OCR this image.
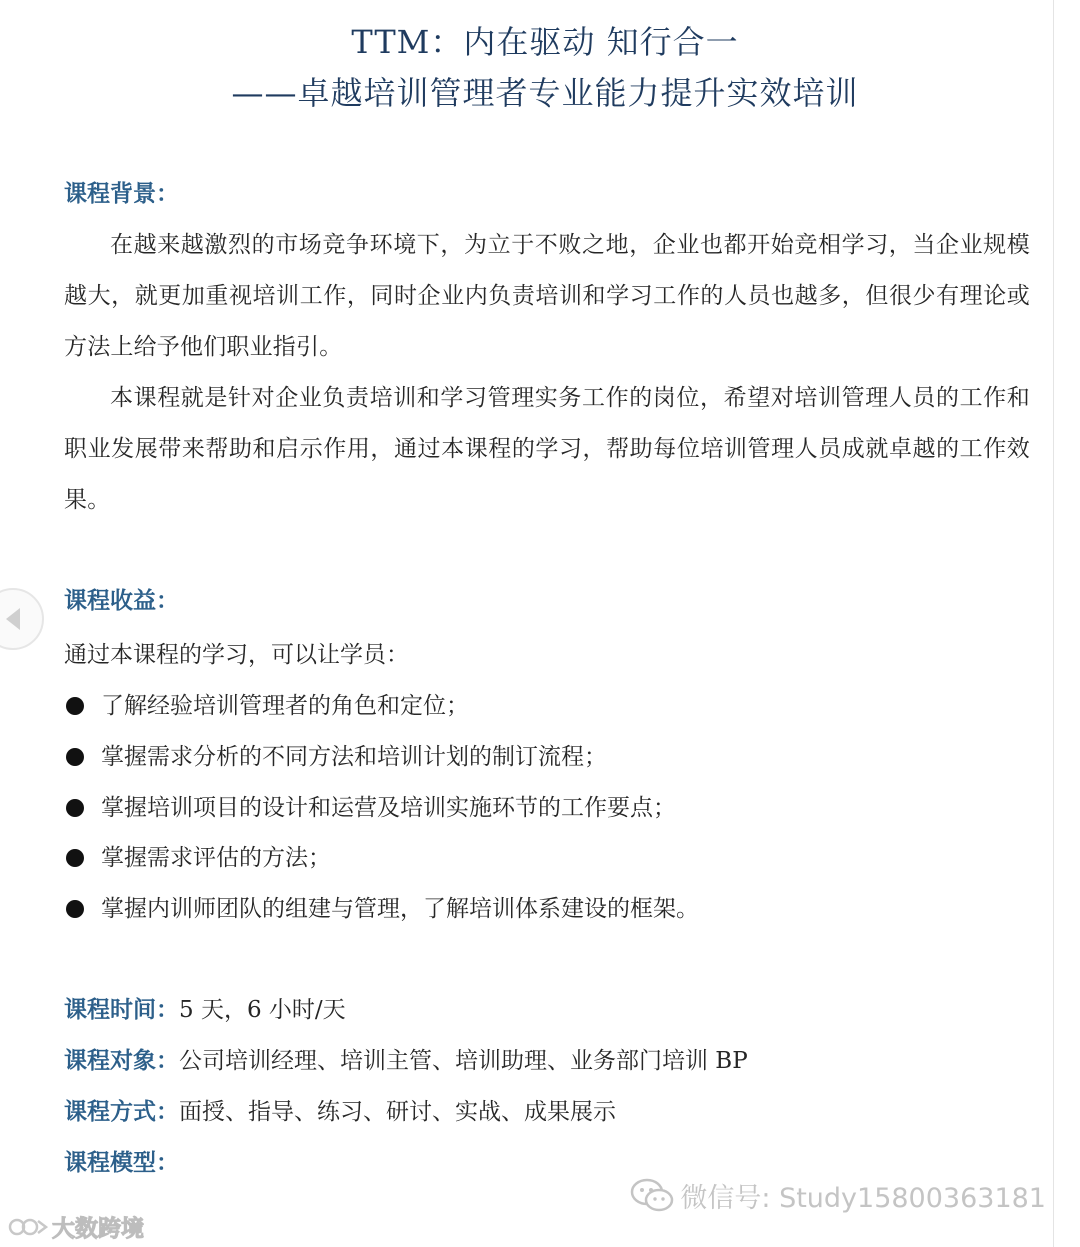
TTM：内在驱动 知行合一
——卓越培训管理者专业能力提升实效培训
课程背景：
在越来越激烈的市场竞争环境下，为立于不败之地，企业也都开始竞相学习，当企业规模越大，就更加重视培训工作，同时企业内负责培训和学习工作的人员也越多，但很少有理论或方法上给予他们职业指引。
本课程就是针对企业负责培训和学习管理实务工作的岗位，希望对培训管理人员的工作和职业发展带来帮助和启示作用，通过本课程的学习，帮助每位培训管理人员成就卓越的工作效果。
课程收益：
通过本课程的学习，可以让学员：
了解经验培训管理者的角色和定位；
掌握需求分析的不同方法和培训计划的制订流程；
掌握培训项目的设计和运营及培训实施环节的工作要点；
掌握需求评估的方法；
掌握内训师团队的组建与管理，了解培训体系建设的框架。
课程时间：5 天，6 小时/天
课程对象：公司培训经理、培训主管、培训助理、业务部门培训 BP
课程方式：面授、指导、练习、研讨、实战、成果展示
课程模型：
微信号: Study15800363181
大数跨境
